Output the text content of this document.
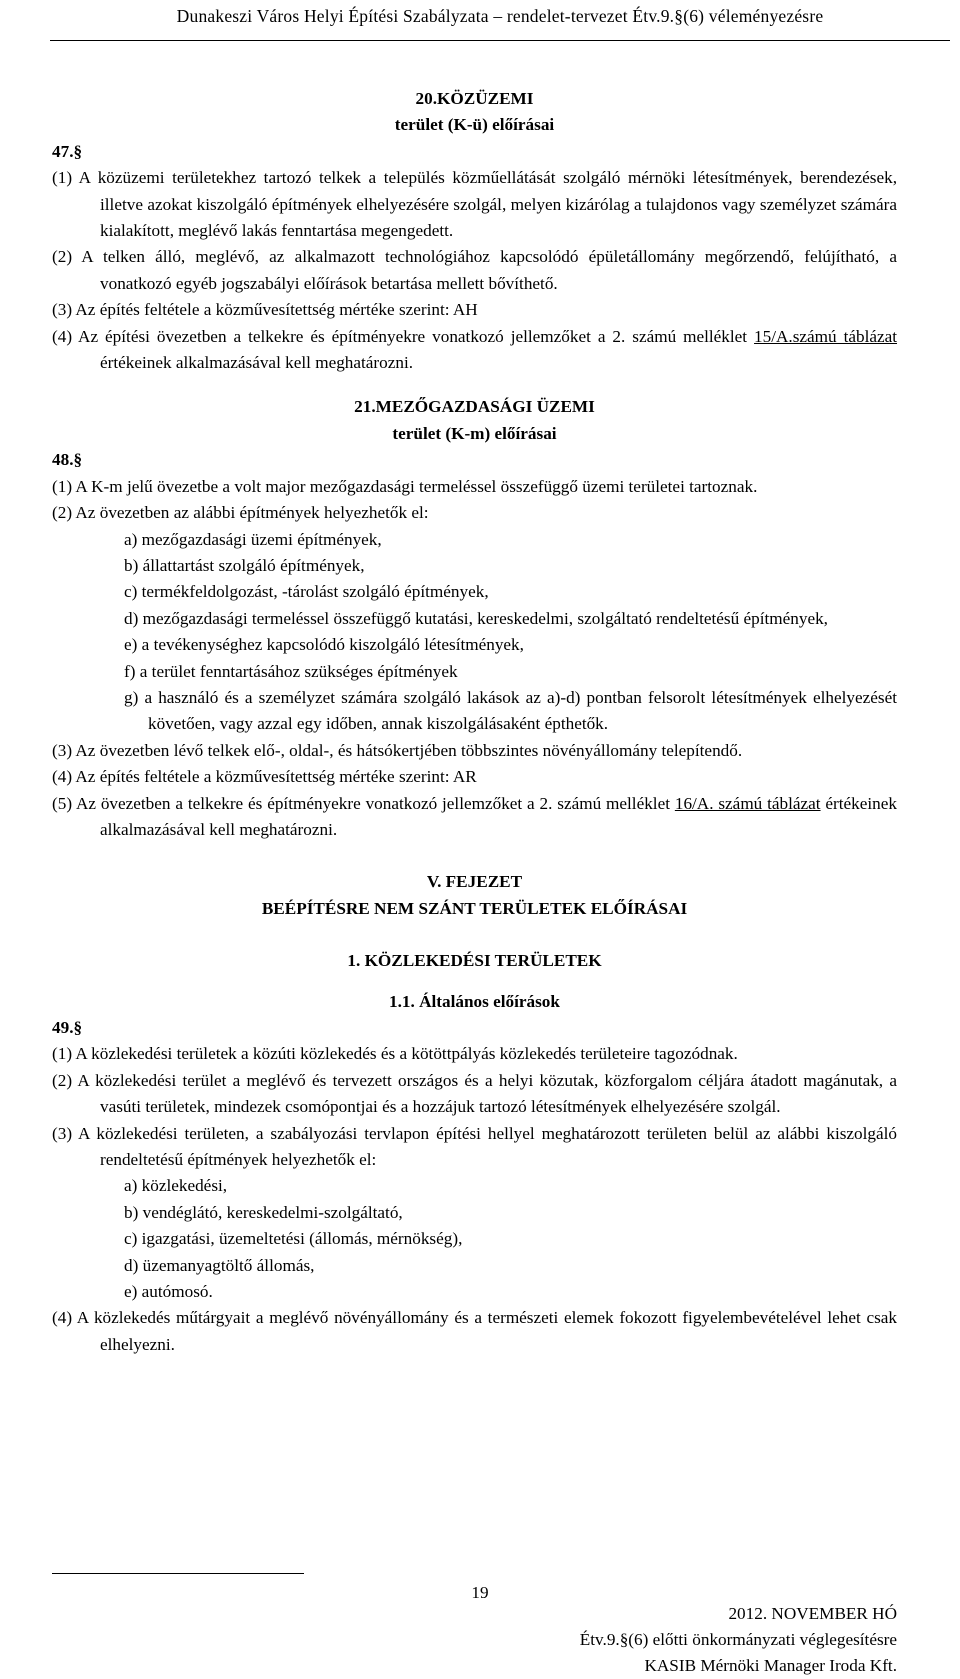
Dunakeszi Város Helyi Építési Szabályzata – rendelet-tervezet Étv.9.§(6) véleményezésre

20.KÖZÜZEMI

terület (K-ü) előírásai

47.§

(1) A közüzemi területekhez tartozó telkek a település közműellátását szolgáló mérnöki létesítmények, berendezések, illetve azokat kiszolgáló építmények elhelyezésére szolgál, melyen kizárólag a tulajdonos vagy személyzet számára kialakított, meglévő lakás fenntartása megengedett.

(2) A telken álló, meglévő, az alkalmazott technológiához kapcsolódó épületállomány megőrzendő, felújítható, a vonatkozó egyéb jogszabályi előírások betartása mellett bővíthető.

(3) Az építés feltétele a közművesítettség mértéke szerint: AH

(4) Az építési övezetben a telkekre és építményekre vonatkozó jellemzőket a 2. számú melléklet 15/A.számú táblázat értékeinek alkalmazásával kell meghatározni.

21.MEZŐGAZDASÁGI ÜZEMI

terület (K-m) előírásai

48.§

(1) A K-m jelű övezetbe a volt major mezőgazdasági termeléssel összefüggő üzemi területei tartoznak.

(2) Az övezetben az alábbi építmények helyezhetők el:

a) mezőgazdasági üzemi építmények,

b) állattartást szolgáló építmények,

c) termékfeldolgozást, -tárolást szolgáló építmények,

d) mezőgazdasági termeléssel összefüggő kutatási, kereskedelmi, szolgáltató rendeltetésű építmények,

e) a tevékenységhez kapcsolódó kiszolgáló létesítmények,

f) a terület fenntartásához szükséges építmények

g) a használó és a személyzet számára szolgáló lakások az a)-d) pontban felsorolt létesítmények elhelyezését követően, vagy azzal egy időben, annak kiszolgálásaként épthetők.

(3) Az övezetben lévő telkek elő-, oldal-, és hátsókertjében többszintes növényállomány telepítendő.

(4) Az építés feltétele a közművesítettség mértéke szerint: AR

(5) Az övezetben a telkekre és építményekre vonatkozó jellemzőket a 2. számú melléklet 16/A. számú táblázat értékeinek alkalmazásával kell meghatározni.

V. FEJEZET

BEÉPÍTÉSRE NEM SZÁNT TERÜLETEK ELŐÍRÁSAI

1. KÖZLEKEDÉSI TERÜLETEK

1.1. Általános előírások

49.§

(1) A közlekedési területek a közúti közlekedés és a kötöttpályás közlekedés területeire tagozódnak.

(2) A közlekedési terület a meglévő és tervezett országos és a helyi közutak, közforgalom céljára átadott magánutak, a vasúti területek, mindezek csomópontjai és a hozzájuk tartozó létesítmények elhelyezésére szolgál.

(3) A közlekedési területen, a szabályozási tervlapon építési hellyel meghatározott területen belül az alábbi kiszolgáló rendeltetésű építmények helyezhetők el:

a) közlekedési,

b) vendéglátó, kereskedelmi-szolgáltató,

c) igazgatási, üzemeltetési (állomás, mérnökség),

d) üzemanyagtöltő állomás,

e) autómosó.

(4) A közlekedés műtárgyait a meglévő növényállomány és a természeti elemek fokozott figyelembevételével lehet csak elhelyezni.

19
2012. NOVEMBER HÓ
Étv.9.§(6) előtti önkormányzati véglegesítésre
KASIB Mérnöki Manager Iroda Kft.
